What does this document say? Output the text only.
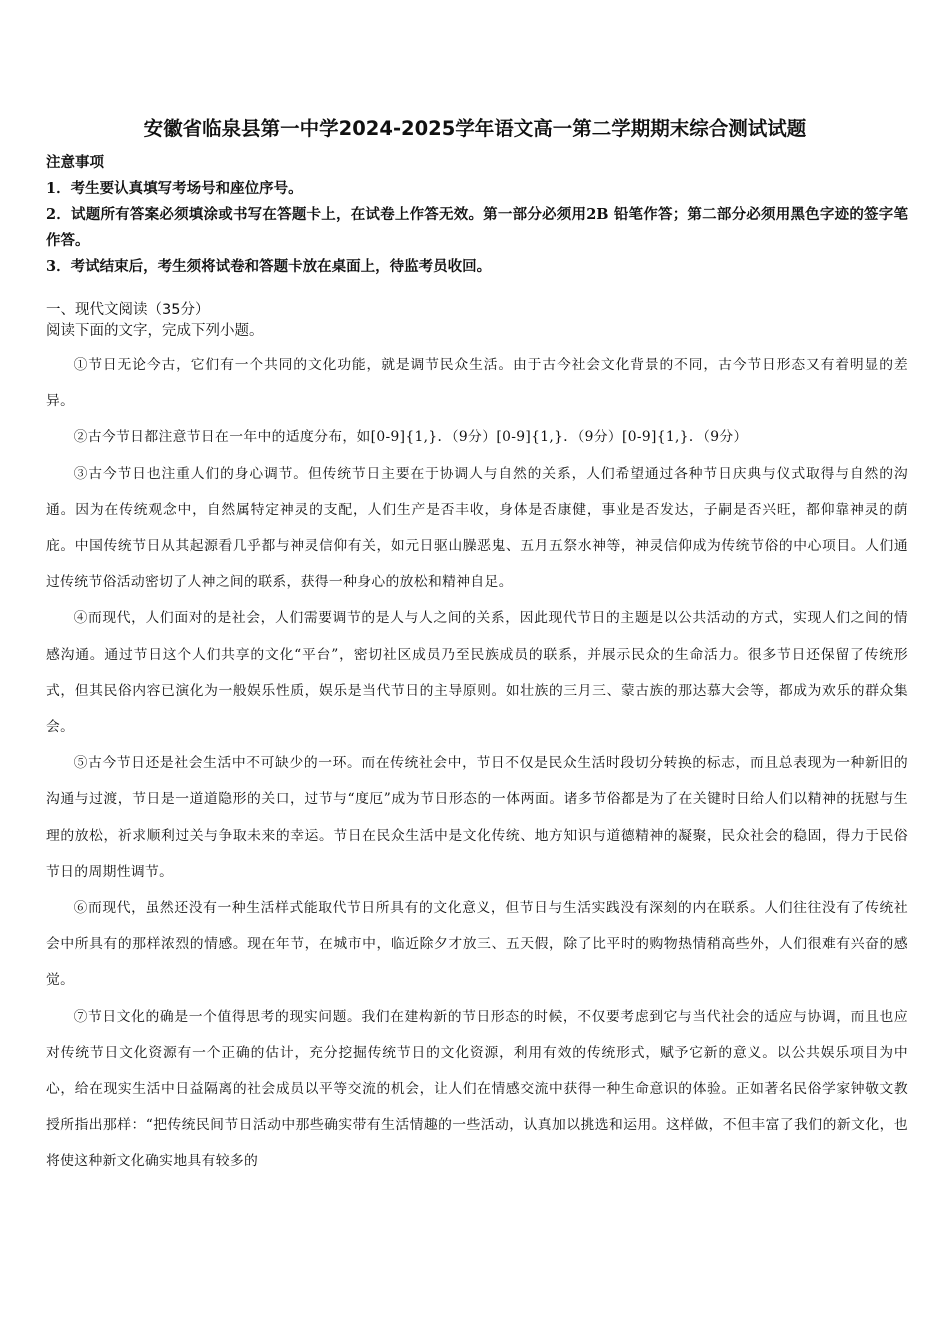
安徽省临泉县第一中学2024-2025学年语文高一第二学期期末综合测试试题
注意事项
1．考生要认真填写考场号和座位序号。
2．试题所有答案必须填涂或书写在答题卡上，在试卷上作答无效。第一部分必须用2B 铅笔作答；第二部分必须用黑色字迹的签字笔作答。
3．考试结束后，考生须将试卷和答题卡放在桌面上，待监考员收回。
一、现代文阅读（35分）
阅读下面的文字，完成下列小题。

①节日无论今古，它们有一个共同的文化功能，就是调节民众生活。由于古今社会文化背景的不同，古今节日形态又有着明显的差异。

②古今节日都注意节日在一年中的适度分布，如[0-9]{1,}．（9分）[0-9]{1,}．（9分）[0-9]{1,}．（9分）

③古今节日也注重人们的身心调节。但传统节日主要在于协调人与自然的关系，人们希望通过各种节日庆典与仪式取得与自然的沟通。因为在传统观念中，自然属特定神灵的支配，人们生产是否丰收，身体是否康健，事业是否发达，子嗣是否兴旺，都仰靠神灵的荫庇。中国传统节日从其起源看几乎都与神灵信仰有关，如元日驱山臊恶鬼、五月五祭水神等，神灵信仰成为传统节俗的中心项目。人们通过传统节俗活动密切了人神之间的联系，获得一种身心的放松和精神自足。

④而现代，人们面对的是社会，人们需要调节的是人与人之间的关系，因此现代节日的主题是以公共活动的方式，实现人们之间的情感沟通。通过节日这个人们共享的文化“平台”，密切社区成员乃至民族成员的联系，并展示民众的生命活力。很多节日还保留了传统形式，但其民俗内容已演化为一般娱乐性质，娱乐是当代节日的主导原则。如壮族的三月三、蒙古族的那达慕大会等，都成为欢乐的群众集会。

⑤古今节日还是社会生活中不可缺少的一环。而在传统社会中，节日不仅是民众生活时段切分转换的标志，而且总表现为一种新旧的沟通与过渡，节日是一道道隐形的关口，过节与“度厄”成为节日形态的一体两面。诸多节俗都是为了在关键时日给人们以精神的抚慰与生理的放松，祈求顺利过关与争取未来的幸运。节日在民众生活中是文化传统、地方知识与道德精神的凝聚，民众社会的稳固，得力于民俗节日的周期性调节。

⑥而现代，虽然还没有一种生活样式能取代节日所具有的文化意义，但节日与生活实践没有深刻的内在联系。人们往往没有了传统社会中所具有的那样浓烈的情感。现在年节，在城市中，临近除夕才放三、五天假，除了比平时的购物热情稍高些外，人们很难有兴奋的感觉。

⑦节日文化的确是一个值得思考的现实问题。我们在建构新的节日形态的时候，不仅要考虑到它与当代社会的适应与协调，而且也应对传统节日文化资源有一个正确的估计，充分挖掘传统节日的文化资源，利用有效的传统形式，赋予它新的意义。以公共娱乐项目为中心，给在现实生活中日益隔离的社会成员以平等交流的机会，让人们在情感交流中获得一种生命意识的体验。正如著名民俗学家钟敬文教授所指出那样：“把传统民间节日活动中那些确实带有生活情趣的一些活动，认真加以挑选和运用。这样做，不但丰富了我们的新文化，也将使这种新文化确实地具有较多的
